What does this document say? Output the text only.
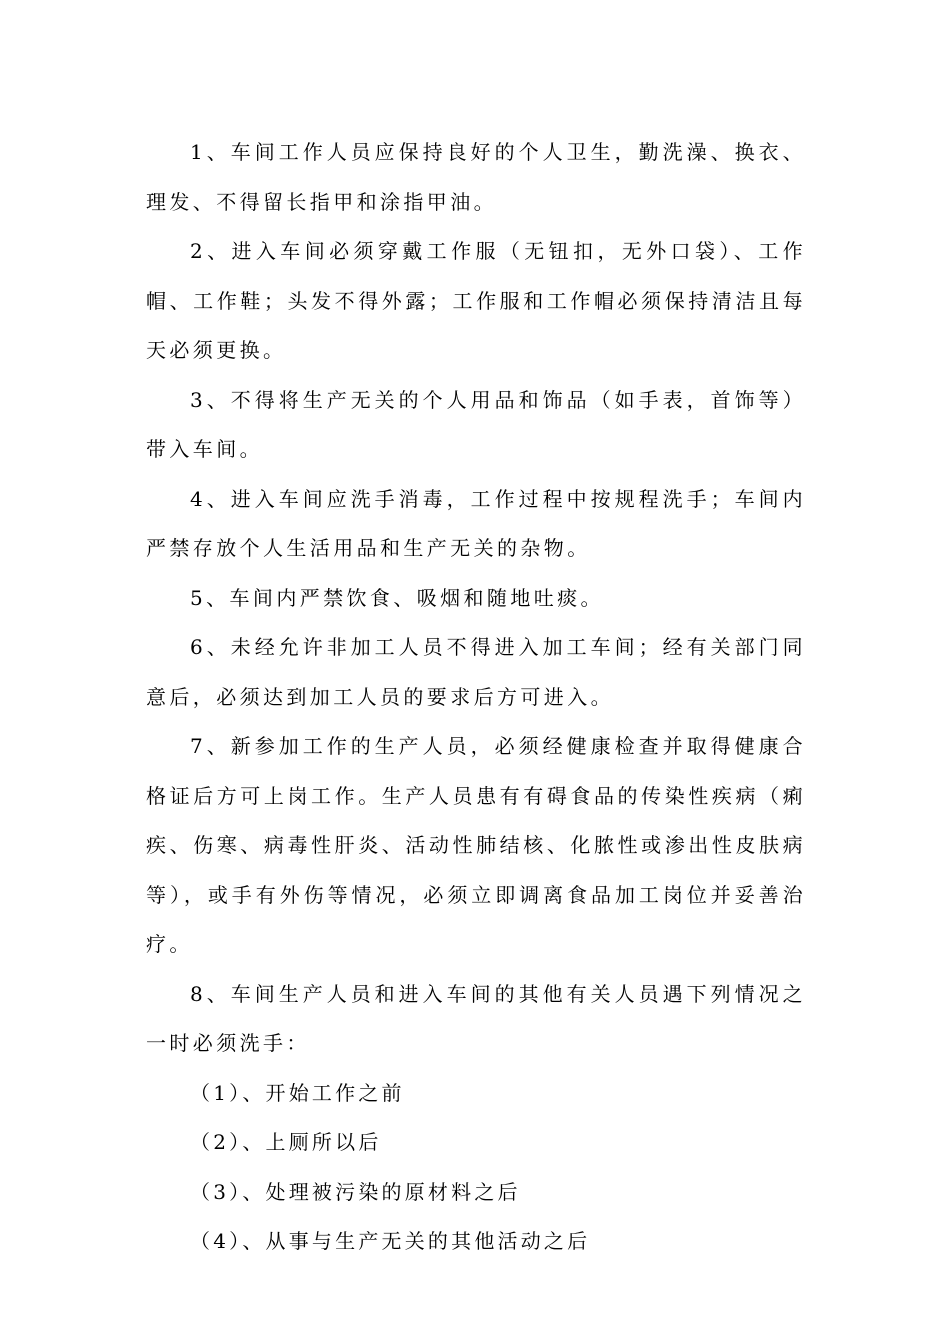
1、车间工作人员应保持良好的个人卫生，勤洗澡、换衣、理发、不得留长指甲和涂指甲油。

2、进入车间必须穿戴工作服（无钮扣，无外口袋）、工作帽、工作鞋；头发不得外露；工作服和工作帽必须保持清洁且每天必须更换。

3、不得将生产无关的个人用品和饰品（如手表，首饰等）带入车间。

4、进入车间应洗手消毒，工作过程中按规程洗手；车间内严禁存放个人生活用品和生产无关的杂物。

5、车间内严禁饮食、吸烟和随地吐痰。

6、未经允许非加工人员不得进入加工车间；经有关部门同意后，必须达到加工人员的要求后方可进入。

7、新参加工作的生产人员，必须经健康检查并取得健康合格证后方可上岗工作。生产人员患有有碍食品的传染性疾病（痢疾、伤寒、病毒性肝炎、活动性肺结核、化脓性或渗出性皮肤病等），或手有外伤等情况，必须立即调离食品加工岗位并妥善治疗。

8、车间生产人员和进入车间的其他有关人员遇下列情况之一时必须洗手：

（1）、开始工作之前

（2）、上厕所以后

（3）、处理被污染的原材料之后

（4）、从事与生产无关的其他活动之后
